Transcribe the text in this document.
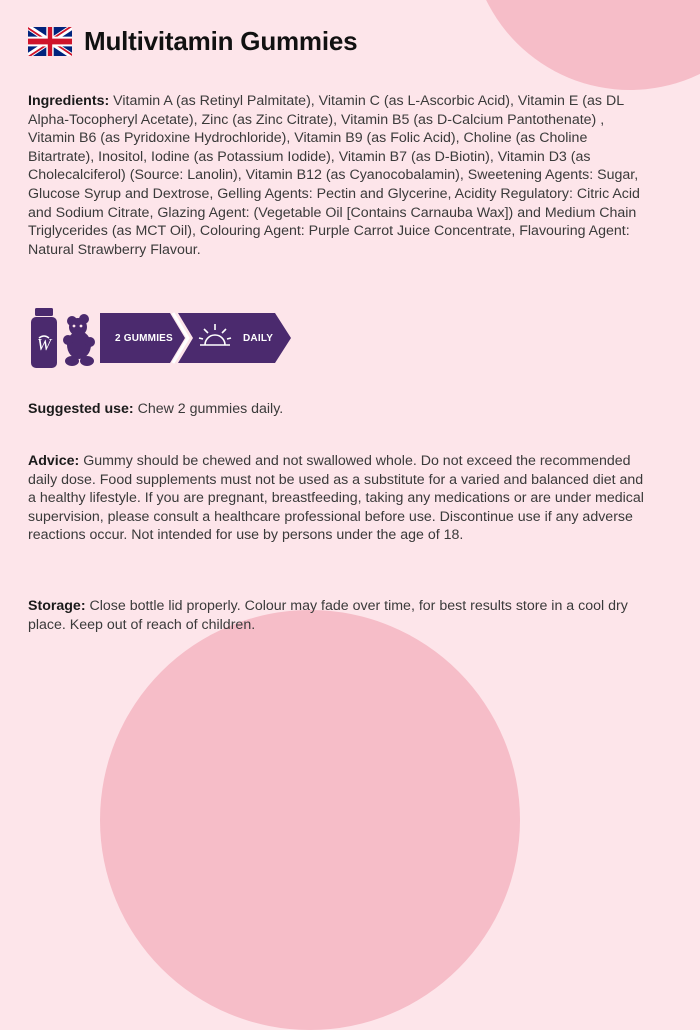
Multivitamin Gummies
Ingredients: Vitamin A (as Retinyl Palmitate), Vitamin C (as L-Ascorbic Acid), Vitamin E (as DL Alpha-Tocopheryl Acetate), Zinc (as Zinc Citrate), Vitamin B5 (as D-Calcium Pantothenate) , Vitamin B6 (as Pyridoxine Hydrochloride), Vitamin B9 (as Folic Acid), Choline (as Choline Bitartrate), Inositol, Iodine (as Potassium Iodide), Vitamin B7 (as D-Biotin), Vitamin D3 (as Cholecalciferol) (Source: Lanolin), Vitamin B12 (as Cyanocobalamin), Sweetening Agents: Sugar, Glucose Syrup and Dextrose, Gelling Agents: Pectin and Glycerine, Acidity Regulatory: Citric Acid and Sodium Citrate, Glazing Agent: (Vegetable Oil [Contains Carnauba Wax]) and Medium Chain Triglycerides (as MCT Oil), Colouring Agent: Purple Carrot Juice Concentrate, Flavouring Agent: Natural Strawberry Flavour.
W	2 GUMMIES	DAILY
Suggested use: Chew 2 gummies daily.
Advice: Gummy should be chewed and not swallowed whole. Do not exceed the recommended daily dose. Food supplements must not be used as a substitute for a varied and balanced diet and a healthy lifestyle. If you are pregnant, breastfeeding, taking any medications or are under medical supervision, please consult a healthcare professional before use. Discontinue use if any adverse reactions occur. Not intended for use by persons under the age of 18.
Storage: Close bottle lid properly. Colour may fade over time, for best results store in a cool dry place. Keep out of reach of children.
